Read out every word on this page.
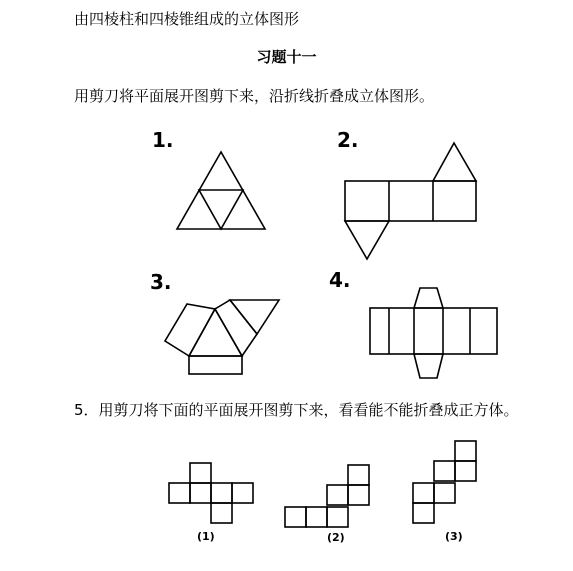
由四棱柱和四棱锥组成的立体图形
习题十一
用剪刀将平面展开图剪下来，沿折线折叠成立体图形。
1.	2.
3.	4.
5．用剪刀将下面的平面展开图剪下来，看看能不能折叠成正方体。
(1)	(2)	(3)
